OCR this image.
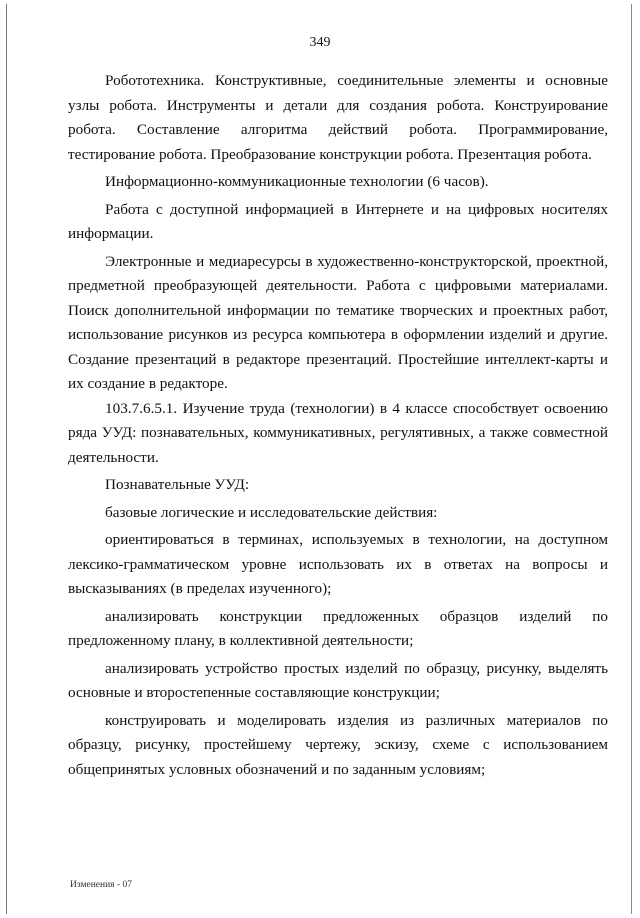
349

Робототехника. Конструктивные, соединительные элементы и основные узлы робота. Инструменты и детали для создания робота. Конструирование робота. Составление алгоритма действий робота. Программирование, тестирование робота. Преобразование конструкции робота. Презентация робота.

Информационно-коммуникационные технологии (6 часов).

Работа с доступной информацией в Интернете и на цифровых носителях информации.

Электронные и медиаресурсы в художественно-конструкторской, проектной, предметной преобразующей деятельности. Работа с цифровыми материалами. Поиск дополнительной информации по тематике творческих и проектных работ, использование рисунков из ресурса компьютера в оформлении изделий и другие. Создание презентаций в редакторе презентаций. Простейшие интеллект-карты и их создание в редакторе.

103.7.6.5.1. Изучение труда (технологии) в 4 классе способствует освоению ряда УУД: познавательных, коммуникативных, регулятивных, а также совместной деятельности.

Познавательные УУД:

базовые логические и исследовательские действия:

ориентироваться в терминах, используемых в технологии, на доступном лексико-грамматическом уровне использовать их в ответах на вопросы и высказываниях (в пределах изученного);

анализировать конструкции предложенных образцов изделий по предложенному плану, в коллективной деятельности;

анализировать устройство простых изделий по образцу, рисунку, выделять основные и второстепенные составляющие конструкции;

конструировать и моделировать изделия из различных материалов по образцу, рисунку, простейшему чертежу, эскизу, схеме с использованием общепринятых условных обозначений и по заданным условиям;

Изменения - 07
